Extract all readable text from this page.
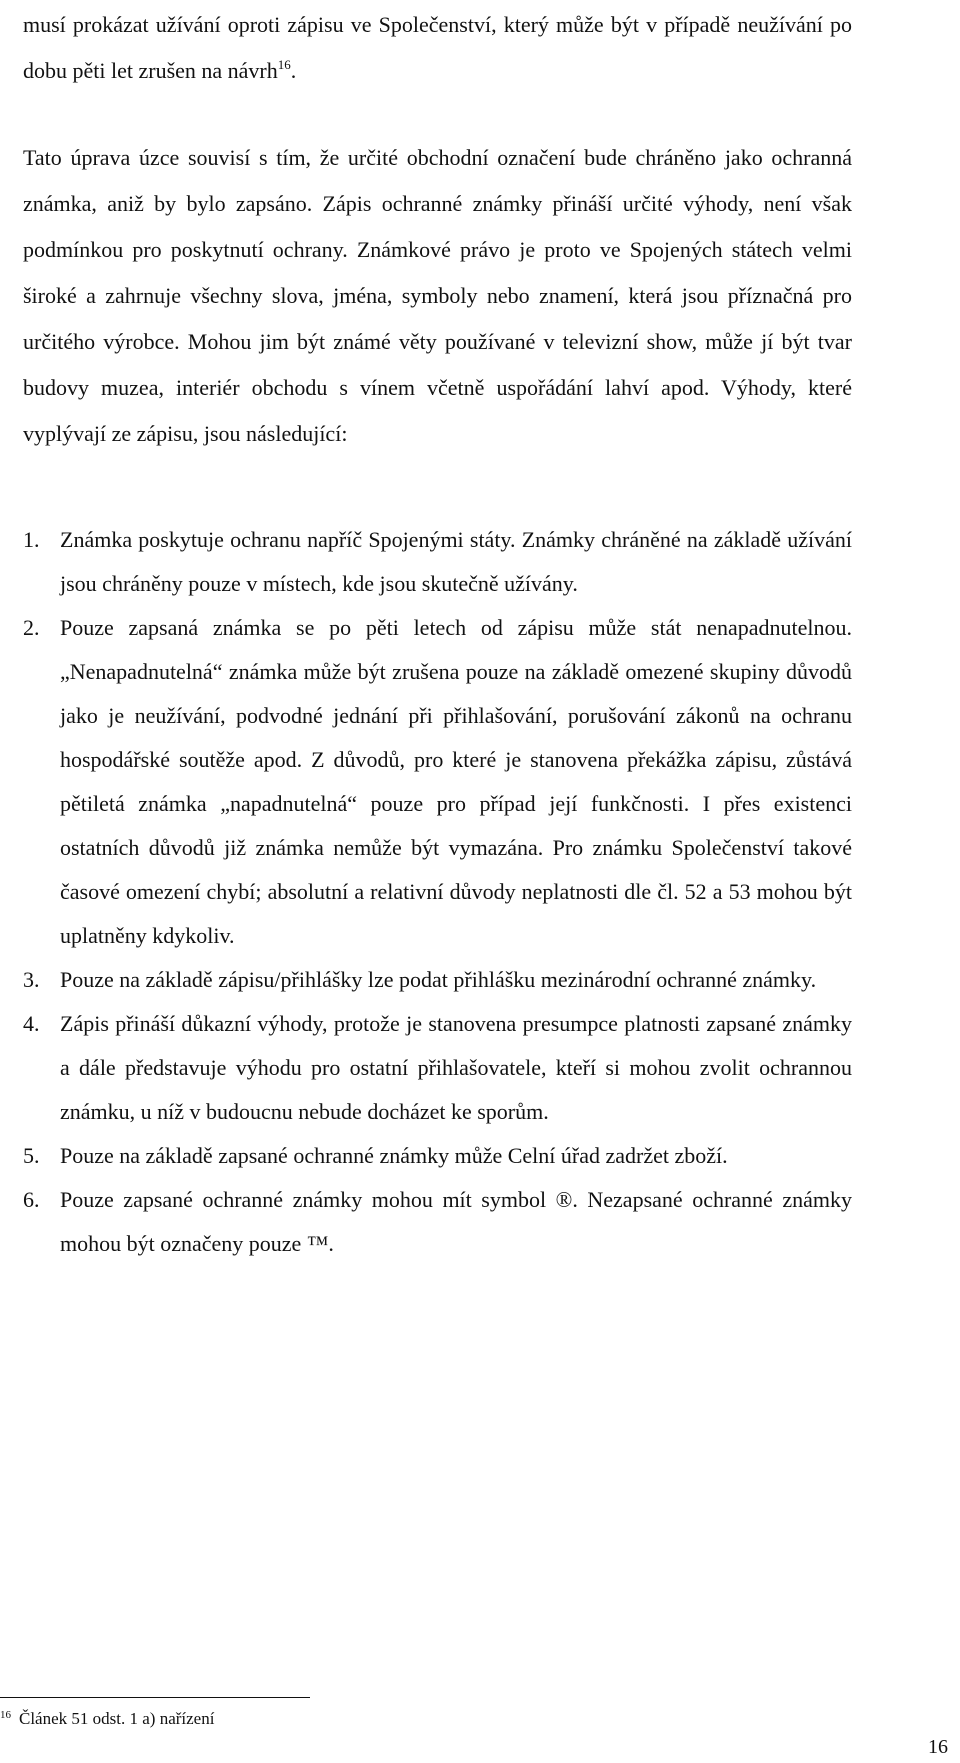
musí prokázat užívání oproti zápisu ve Společenství, který může být v případě neužívání po dobu pěti let zrušen na návrh$^{16}$.

Tato úprava úzce souvisí s tím, že určité obchodní označení bude chráněno jako ochranná známka, aniž by bylo zapsáno. Zápis ochranné známky přináší určité výhody, není však podmínkou pro poskytnutí ochrany. Známkové právo je proto ve Spojených státech velmi široké a zahrnuje všechny slova, jména, symboly nebo znamení, která jsou příznačná pro určitého výrobce. Mohou jim být známé věty používané v televizní show, může jí být tvar budovy muzea, interiér obchodu s vínem včetně uspořádání lahví apod. Výhody, které vyplývají ze zápisu, jsou následující:

1. Známka poskytuje ochranu napříč Spojenými státy. Známky chráněné na základě užívání jsou chráněny pouze v místech, kde jsou skutečně užívány.
2. Pouze zapsaná známka se po pěti letech od zápisu může stát nenapadnutelnou. „Nenapadnutelná“ známka může být zrušena pouze na základě omezené skupiny důvodů jako je neužívání, podvodné jednání při přihlašování, porušování zákonů na ochranu hospodářské soutěže apod. Z důvodů, pro které je stanovena překážka zápisu, zůstává pětiletá známka „napadnutelná“ pouze pro případ její funkčnosti. I přes existenci ostatních důvodů již známka nemůže být vymazána. Pro známku Společenství takové časové omezení chybí; absolutní a relativní důvody neplatnosti dle čl. 52 a 53 mohou být uplatněny kdykoliv.
3. Pouze na základě zápisu/přihlášky lze podat přihlášku mezinárodní ochranné známky.
4. Zápis přináší důkazní výhody, protože je stanovena presumpce platnosti zapsané známky a dále představuje výhodu pro ostatní přihlašovatele, kteří si mohou zvolit ochrannou známku, u níž v budoucnu nebude docházet ke sporům.
5. Pouze na základě zapsané ochranné známky může Celní úřad zadržet zboží.
6. Pouze zapsané ochranné známky mohou mít symbol ®. Nezapsané ochranné známky mohou být označeny pouze ™.
$^{16}$ Článek 51 odst. 1 a) nařízení
16
